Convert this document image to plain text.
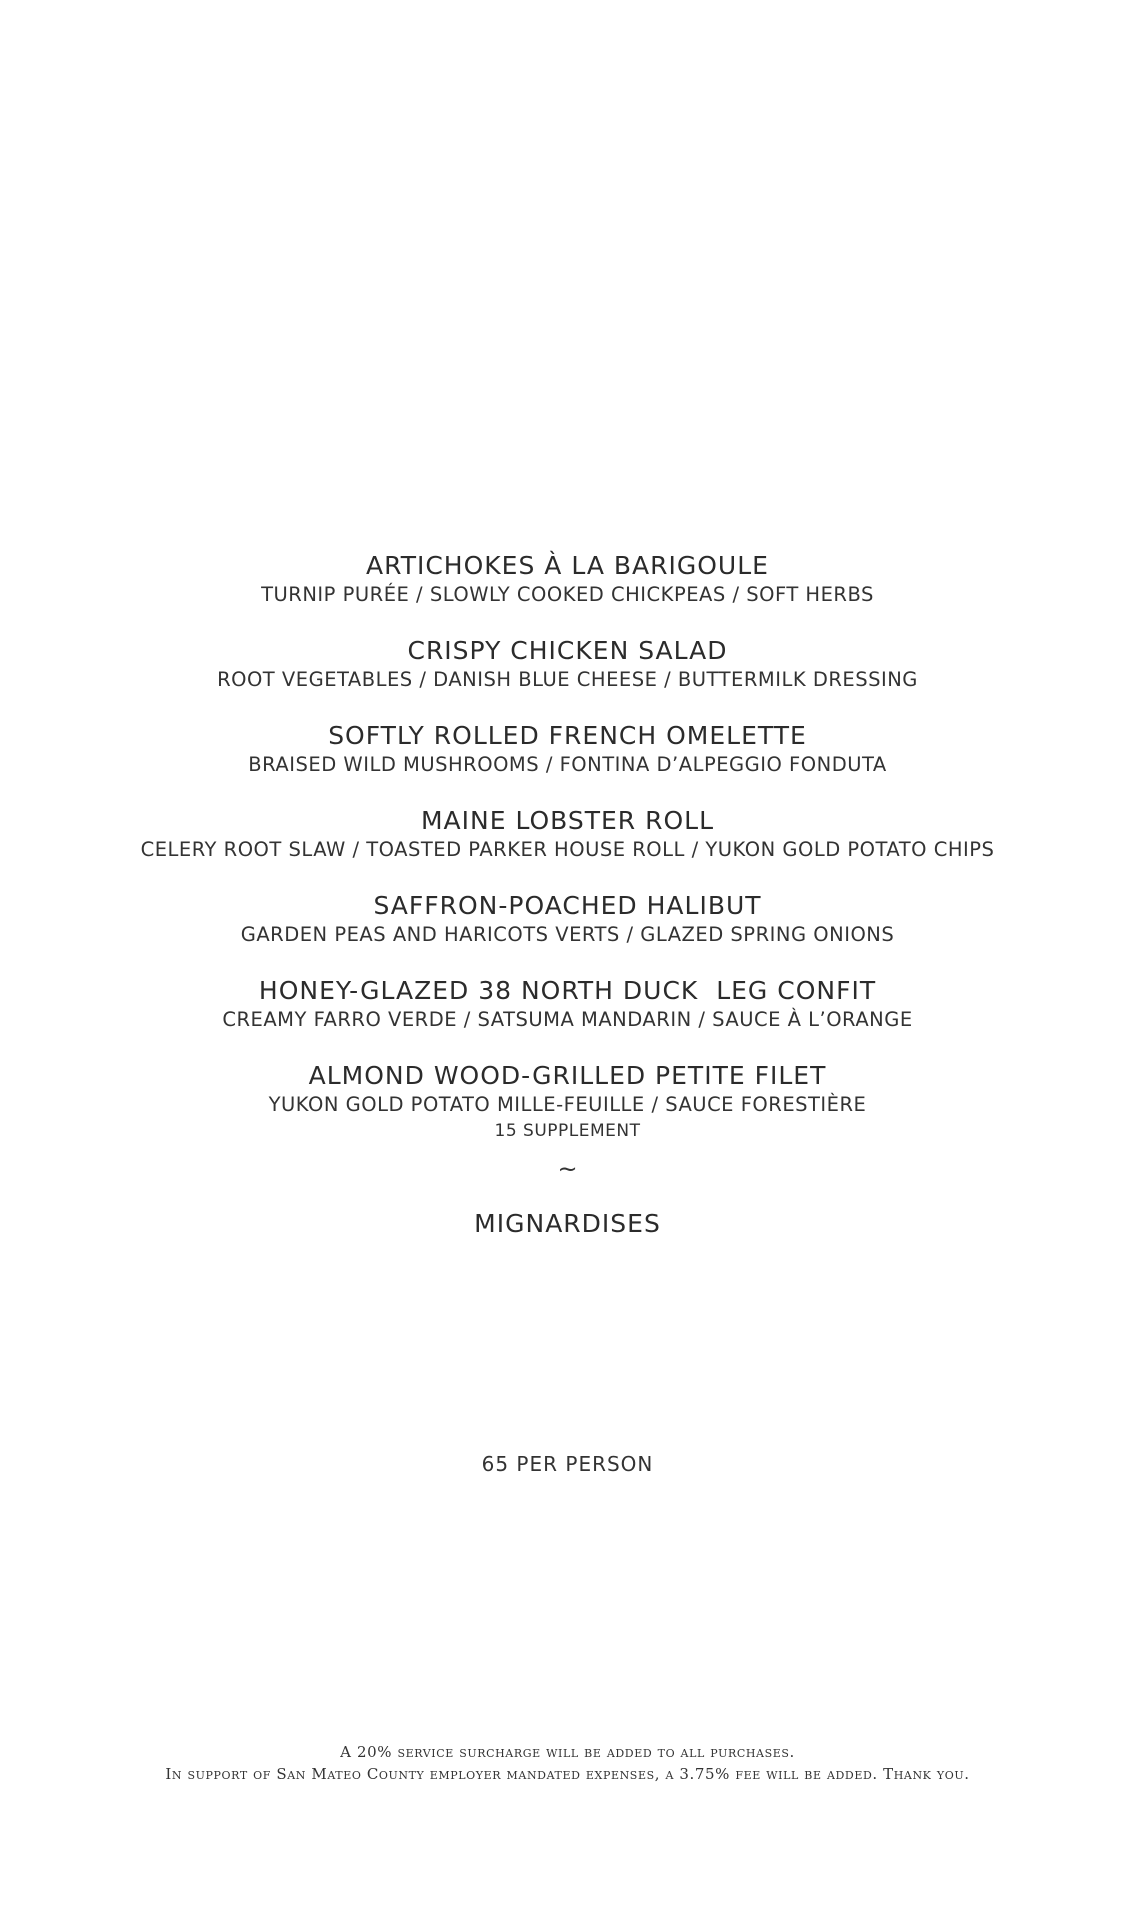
ARTICHOKES À LA BARIGOULE
TURNIP PURÉE / SLOWLY COOKED CHICKPEAS / SOFT HERBS
CRISPY CHICKEN SALAD
ROOT VEGETABLES / DANISH BLUE CHEESE / BUTTERMILK DRESSING
SOFTLY ROLLED FRENCH OMELETTE
BRAISED WILD MUSHROOMS / FONTINA D’ALPEGGIO FONDUTA
MAINE LOBSTER ROLL
CELERY ROOT SLAW / TOASTED PARKER HOUSE ROLL / YUKON GOLD POTATO CHIPS
SAFFRON-POACHED HALIBUT
GARDEN PEAS AND HARICOTS VERTS / GLAZED SPRING ONIONS
HONEY-GLAZED 38 NORTH DUCK  LEG CONFIT
CREAMY FARRO VERDE / SATSUMA MANDARIN / SAUCE À L’ORANGE
ALMOND WOOD-GRILLED PETITE FILET
YUKON GOLD POTATO MILLE-FEUILLE / SAUCE FORESTIÈRE
15 SUPPLEMENT
~
MIGNARDISES
65 PER PERSON
A 20% service surcharge will be added to all purchases.
In support of San Mateo County employer mandated expenses, a 3.75% fee will be added. Thank you.
